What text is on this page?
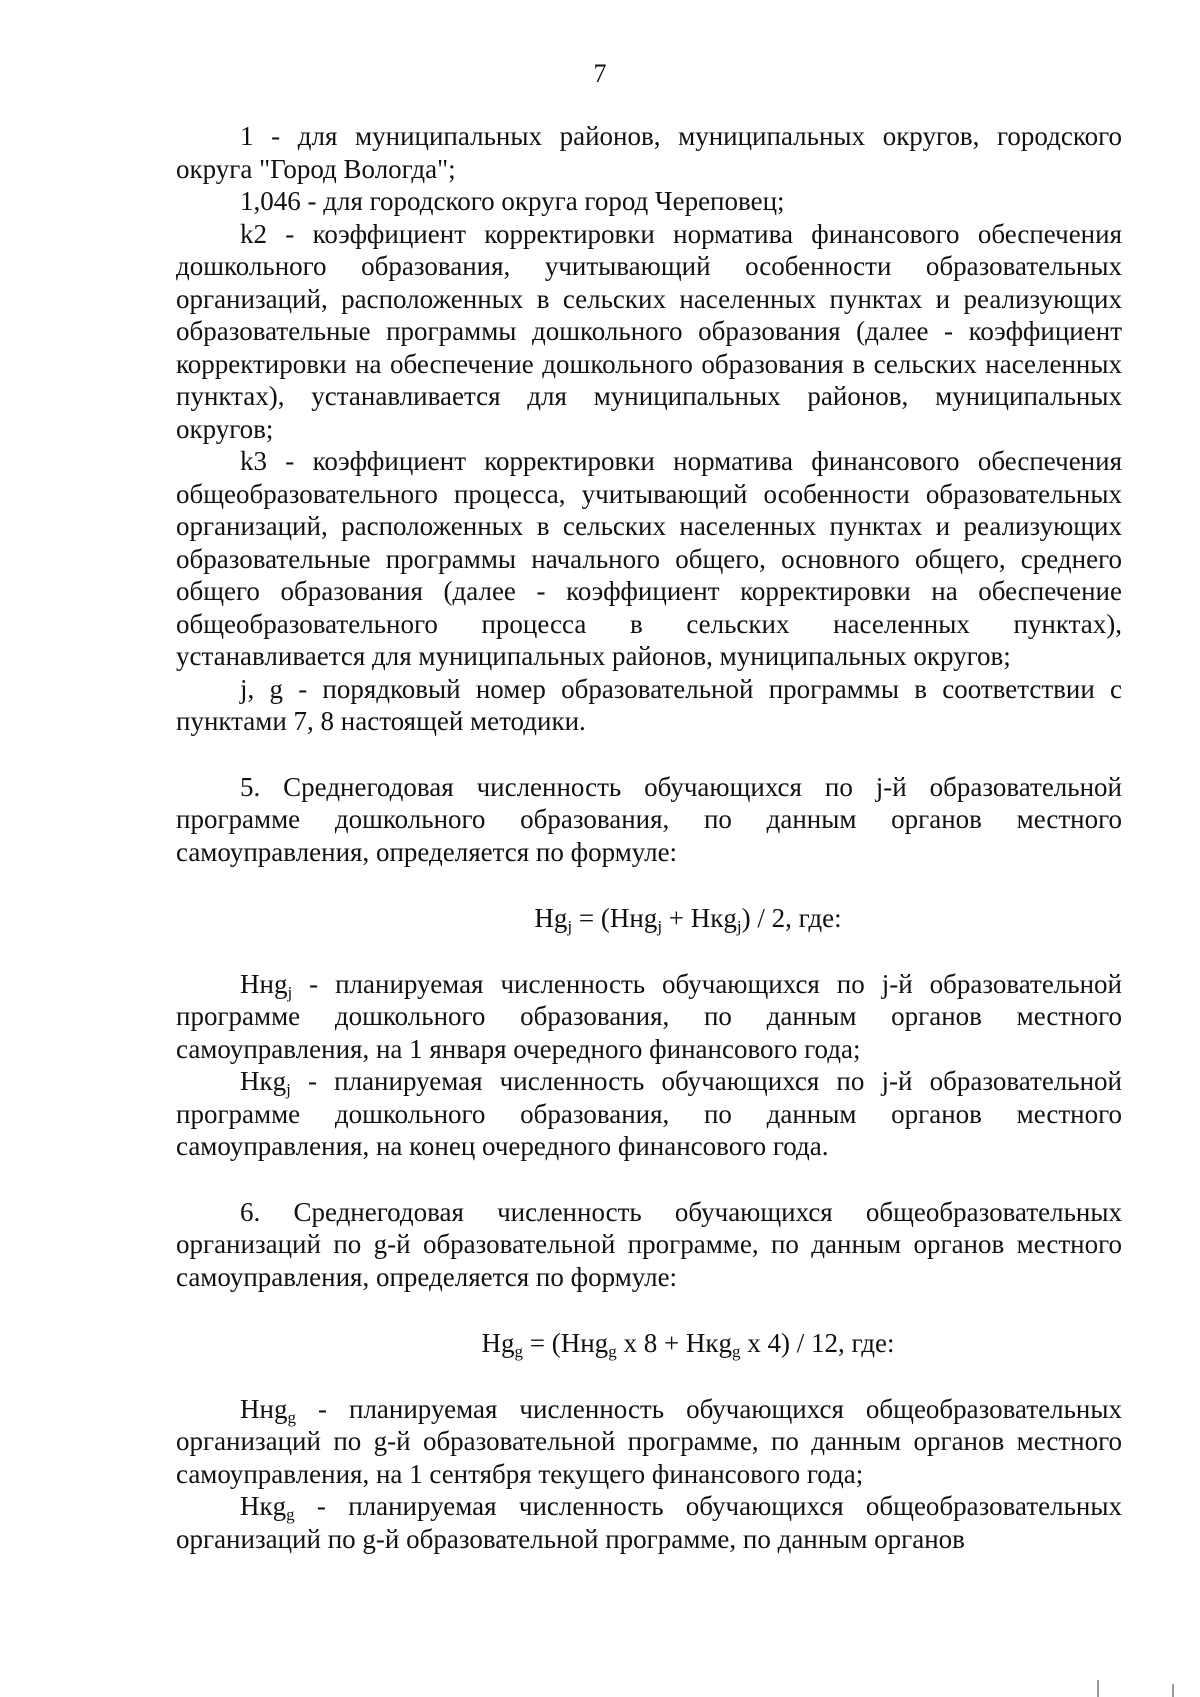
7

1 - для муниципальных районов, муниципальных округов, городского округа "Город Вологда";

1,046 - для городского округа город Череповец;

k2 - коэффициент корректировки норматива финансового обеспечения дошкольного образования, учитывающий особенности образовательных организаций, расположенных в сельских населенных пунктах и реализующих образовательные программы дошкольного образования (далее - коэффициент корректировки на обеспечение дошкольного образования в сельских населенных пунктах), устанавливается для муниципальных районов, муниципальных округов;

k3 - коэффициент корректировки норматива финансового обеспечения общеобразовательного процесса, учитывающий особенности образовательных организаций, расположенных в сельских населенных пунктах и реализующих образовательные программы начального общего, основного общего, среднего общего образования (далее - коэффициент корректировки на обеспечение общеобразовательного процесса в сельских населенных пунктах), устанавливается для муниципальных районов, муниципальных округов;

j, g - порядковый номер образовательной программы в соответствии с пунктами 7, 8 настоящей методики.

5. Среднегодовая численность обучающихся по j-й образовательной программе дошкольного образования, по данным органов местного самоуправления, определяется по формуле:

$Hg_j = (Hнg_j + Hкg_j) / 2$, где:

Hнg$_j$ - планируемая численность обучающихся по j-й образовательной программе дошкольного образования, по данным органов местного самоуправления, на 1 января очередного финансового года;

Hкg$_j$ - планируемая численность обучающихся по j-й образовательной программе дошкольного образования, по данным органов местного самоуправления, на конец очередного финансового года.

6. Среднегодовая численность обучающихся общеобразовательных организаций по g-й образовательной программе, по данным органов местного самоуправления, определяется по формуле:

$Hg_g = (Hнg_g$ x 8 + Hкg$_g$ x 4) / 12, где:

Hнg$_g$ - планируемая численность обучающихся общеобразовательных организаций по g-й образовательной программе, по данным органов местного самоуправления, на 1 сентября текущего финансового года;

Hкg$_g$ - планируемая численность обучающихся общеобразовательных организаций по g-й образовательной программе, по данным органов
